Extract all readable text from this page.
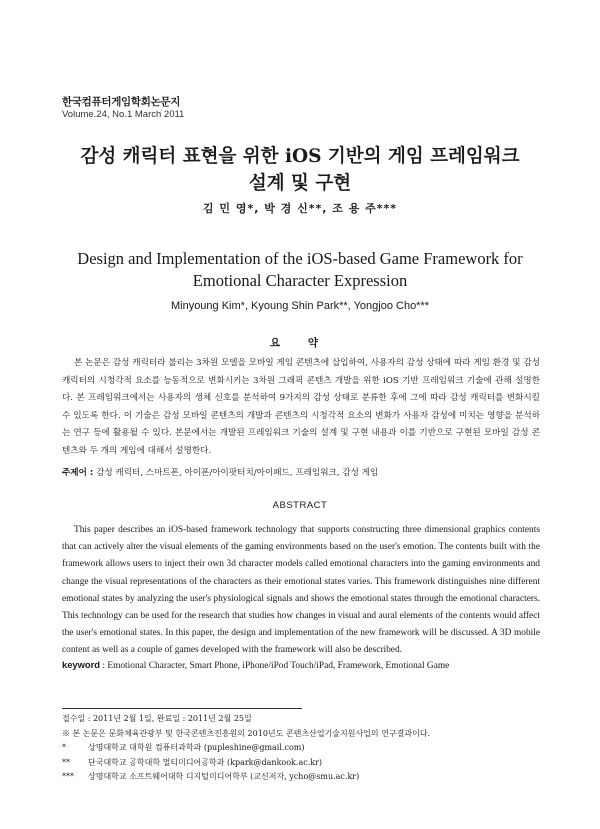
한국컴퓨터게임학회논문지
Volume.24, No.1 March 2011
감성 캐릭터 표현을 위한 iOS 기반의 게임 프레임워크
설계 및 구현
김 민 영*, 박 경 신**, 조 용 주***
Design and Implementation of the iOS-based Game Framework for
Emotional Character Expression
Minyoung Kim*, Kyoung Shin Park**, Yongjoo Cho***
요 약
본 논문은 감성 캐릭터라 불리는 3차원 모델을 모바일 게임 콘텐츠에 삽입하여, 사용자의 감성 상태에 따라 게임 환경 및 감성 캐릭터의 시청각적 요소를 능동적으로 변화시키는 3차원 그래픽 콘텐츠 개발을 위한 iOS 기반 프레임워크 기술에 관해 설명한다. 본 프레임워크에서는 사용자의 생체 신호를 분석하여 9가지의 감성 상태로 분류한 후에 그에 따라 감성 캐릭터를 변화시킬 수 있도록 한다. 이 기술은 감성 모바일 콘텐츠의 개발과 콘텐츠의 시청각적 요소의 변화가 사용자 감성에 미치는 영향을 분석하는 연구 등에 활용될 수 있다. 본문에서는 개발된 프레임워크 기술의 설계 및 구현 내용과 이를 기반으로 구현된 모바일 감성 콘텐츠와 두 개의 게임에 대해서 설명한다.
주제어 : 감성 캐릭터, 스마트폰, 아이폰/아이팟터치/아이패드, 프레임워크, 감성 게임
ABSTRACT
This paper describes an iOS-based framework technology that supports constructing three dimensional graphics contents that can actively alter the visual elements of the gaming environments based on the user's emotion. The contents built with the framework allows users to inject their own 3d character models called emotional characters into the gaming environments and change the visual representations of the characters as their emotional states varies. This framework distinguishes nine different emotional states by analyzing the user's physiological signals and shows the emotional states through the emotional characters. This technology can be used for the research that studies how changes in visual and aural elements of the contents would affect the user's emotional states. In this paper, the design and implementation of the new framework will be discussed. A 3D mobile content as well as a couple of games developed with the framework will also be described.
keyword : Emotional Character, Smart Phone, iPhone/iPod Touch/iPad, Framework, Emotional Game
접수일 : 2011년 2월 1일, 완료일 : 2011년 2월 25일
※ 본 논문은 문화체육관광부 및 한국콘텐츠진흥원의 2010년도 콘텐츠산업기술지원사업의 연구결과이다.
*	상명대학교 대학원 컴퓨터과학과 (pupleshine@gmail.com)
** 단국대학교 공학대학 멀티미디어공학과 (kpark@dankook.ac.kr)
*** 상명대학교 소프트웨어대학 디지털미디어학부 (교신저자, ycho@smu.ac.kr)
